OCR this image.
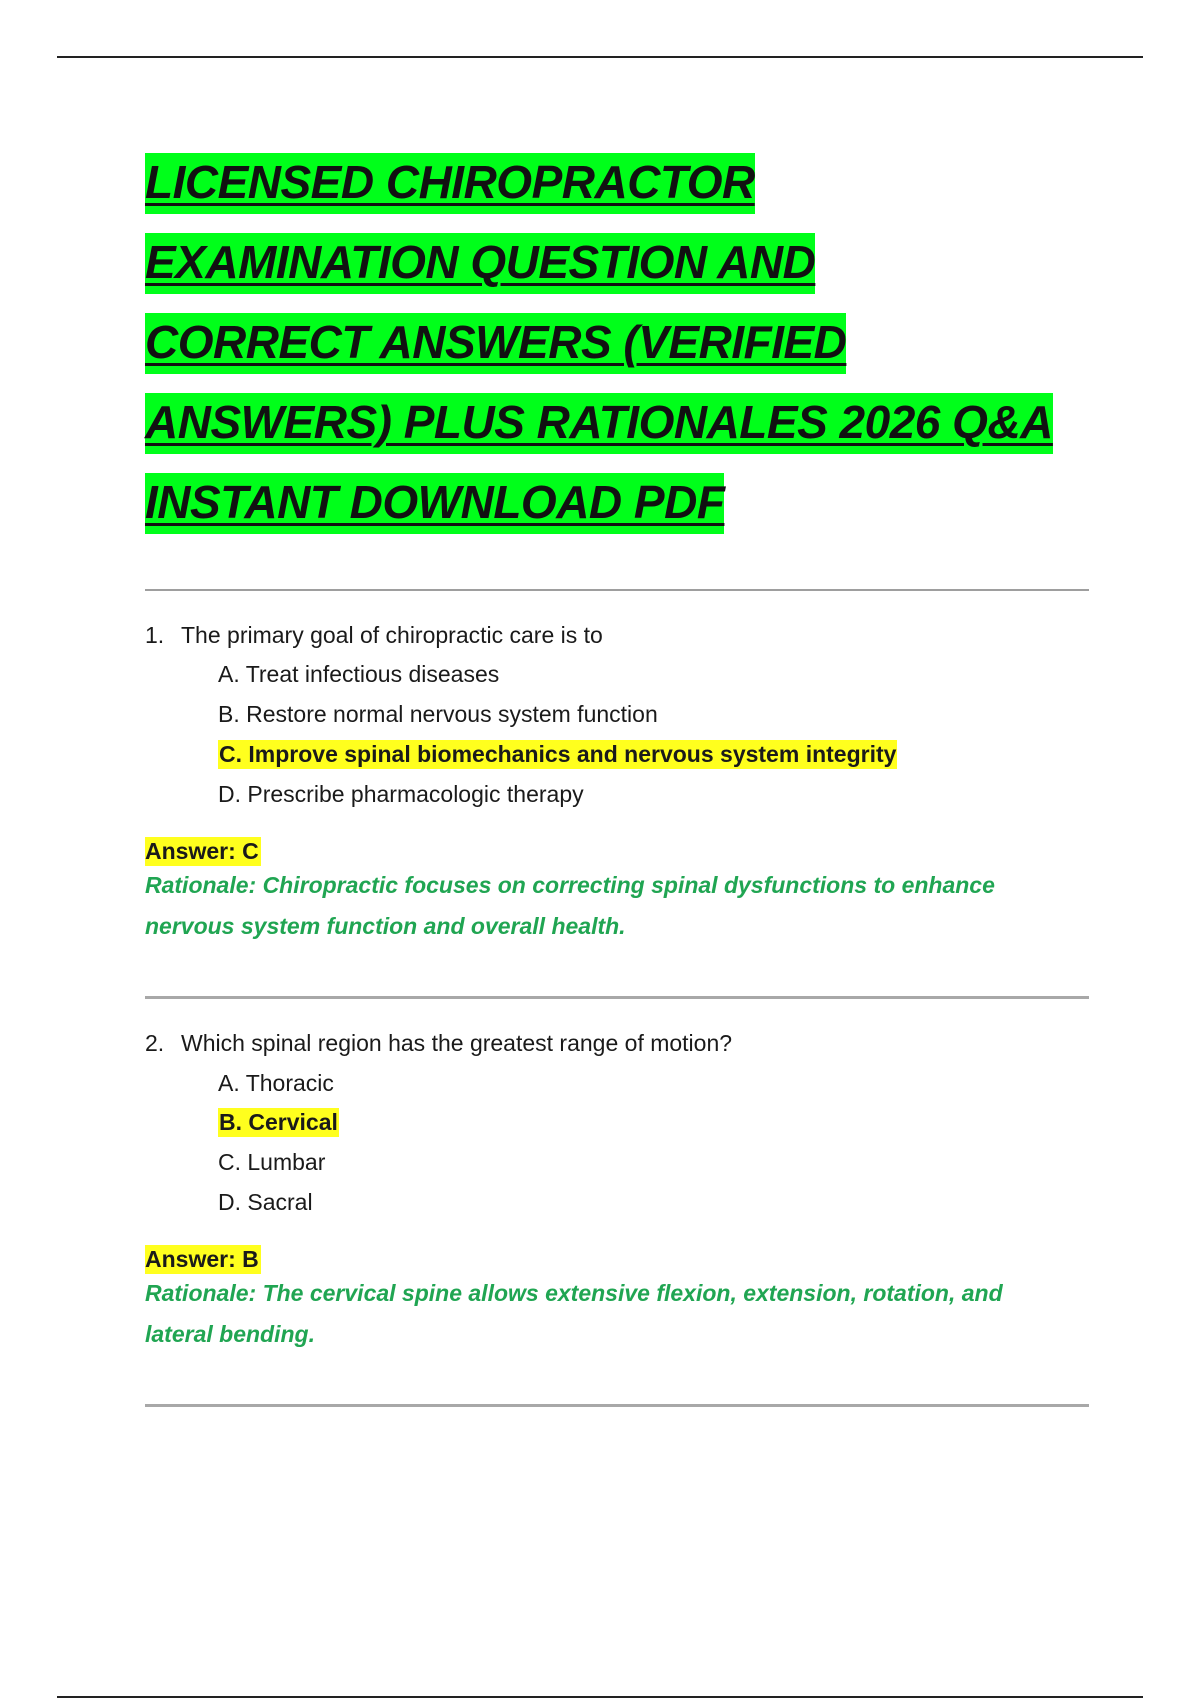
LICENSED CHIROPRACTOR
EXAMINATION QUESTION AND
CORRECT ANSWERS (VERIFIED
ANSWERS) PLUS RATIONALES 2026 Q&A
INSTANT DOWNLOAD PDF
1. The primary goal of chiropractic care is to
A. Treat infectious diseases
B. Restore normal nervous system function
C. Improve spinal biomechanics and nervous system integrity
D. Prescribe pharmacologic therapy
Answer: C
Rationale: Chiropractic focuses on correcting spinal dysfunctions to enhance nervous system function and overall health.
2. Which spinal region has the greatest range of motion?
A. Thoracic
B. Cervical
C. Lumbar
D. Sacral
Answer: B
Rationale: The cervical spine allows extensive flexion, extension, rotation, and lateral bending.
